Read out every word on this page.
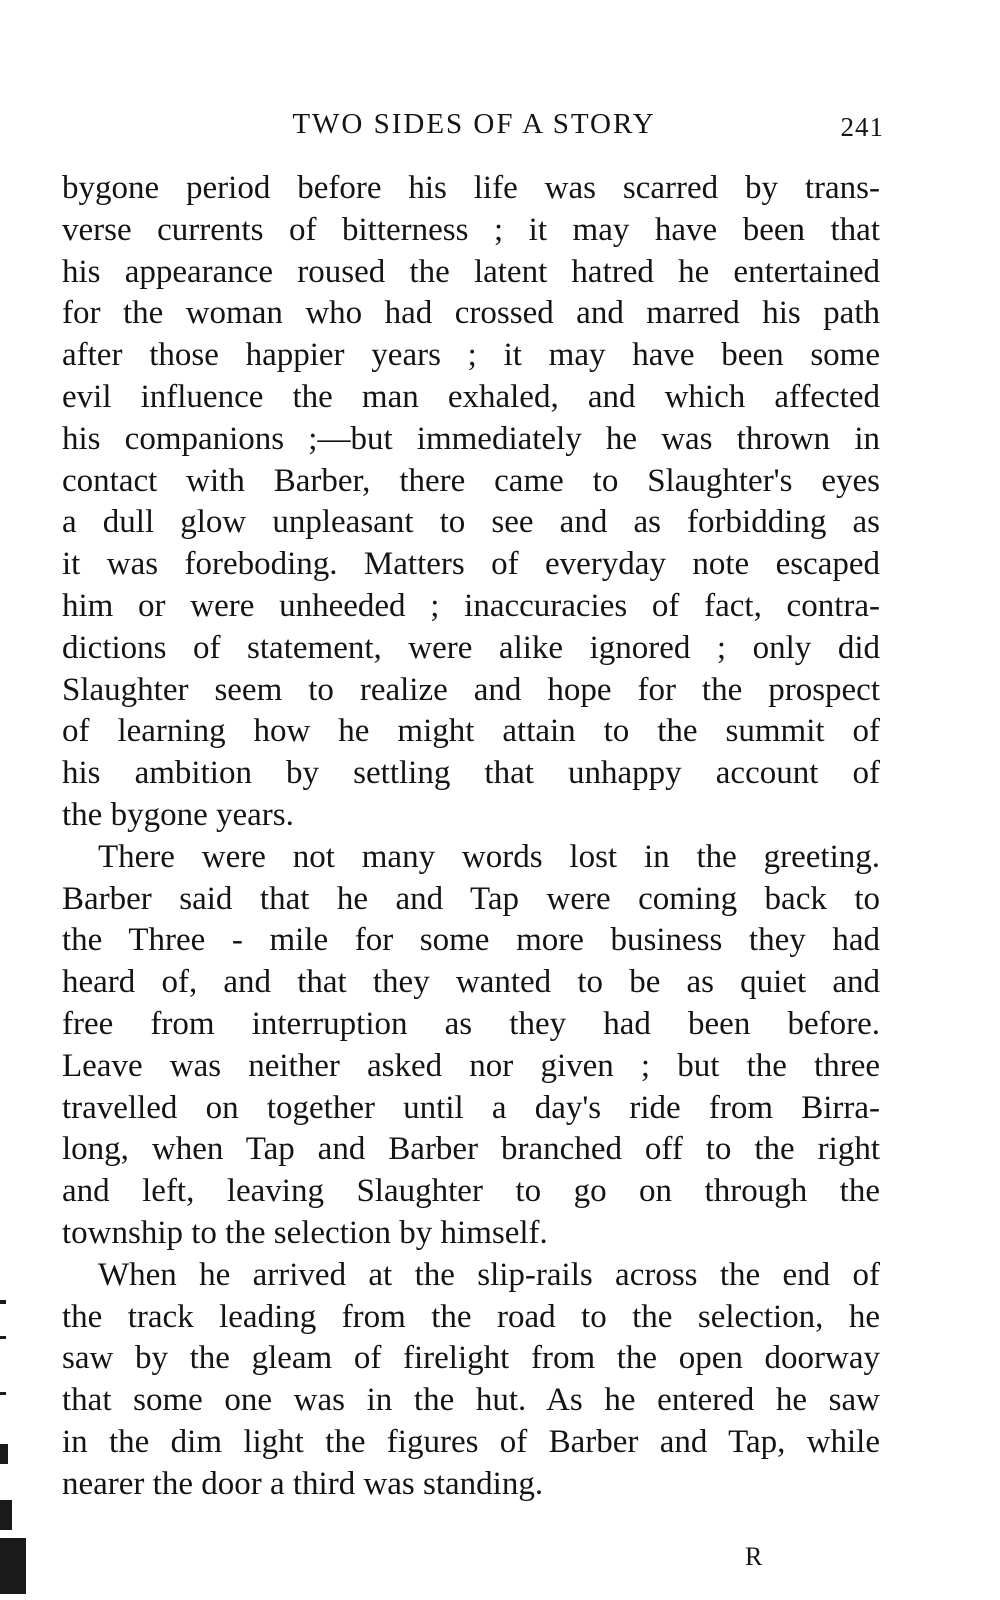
TWO SIDES OF A STORY	241
bygone period before his life was scarred by trans-
verse currents of bitterness ; it may have been that
his appearance roused the latent hatred he entertained
for the woman who had crossed and marred his path
after those happier years ; it may have been some
evil influence the man exhaled, and which affected
his companions ;—but immediately he was thrown in
contact with Barber, there came to Slaughter's eyes
a dull glow unpleasant to see and as forbidding as
it was foreboding. Matters of everyday note escaped
him or were unheeded ; inaccuracies of fact, contra-
dictions of statement, were alike ignored ; only did
Slaughter seem to realize and hope for the prospect
of learning how he might attain to the summit of
his ambition by settling that unhappy account of
the bygone years.
There were not many words lost in the greeting.
Barber said that he and Tap were coming back to
the Three - mile for some more business they had
heard of, and that they wanted to be as quiet and
free from interruption as they had been before.
Leave was neither asked nor given ; but the three
travelled on together until a day's ride from Birra-
long, when Tap and Barber branched off to the right
and left, leaving Slaughter to go on through the
township to the selection by himself.
When he arrived at the slip-rails across the end of
the track leading from the road to the selection, he
saw by the gleam of firelight from the open doorway
that some one was in the hut. As he entered he saw
in the dim light the figures of Barber and Tap, while
nearer the door a third was standing.
R
